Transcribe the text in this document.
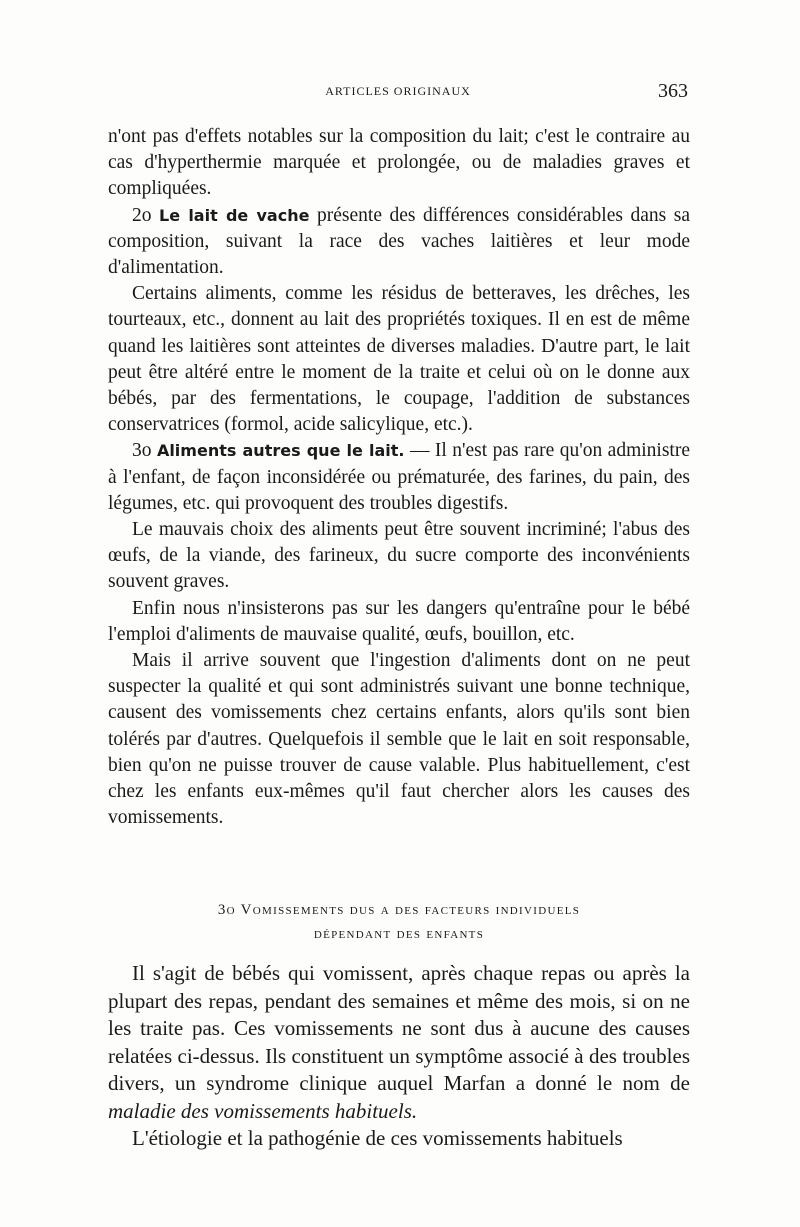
ARTICLES ORIGINAUX	363

n'ont pas d'effets notables sur la composition du lait; c'est le contraire au cas d'hyperthermie marquée et prolongée, ou de maladies graves et compliquées.

2o Le lait de vache présente des différences considérables dans sa composition, suivant la race des vaches laitières et leur mode d'alimentation.

Certains aliments, comme les résidus de betteraves, les drêches, les tourteaux, etc., donnent au lait des propriétés toxiques. Il en est de même quand les laitières sont atteintes de diverses maladies. D'autre part, le lait peut être altéré entre le moment de la traite et celui où on le donne aux bébés, par des fermentations, le coupage, l'addition de substances conservatrices (formol, acide salicylique, etc.).

3o Aliments autres que le lait. — Il n'est pas rare qu'on administre à l'enfant, de façon inconsidérée ou prématurée, des farines, du pain, des légumes, etc. qui provoquent des troubles digestifs.

Le mauvais choix des aliments peut être souvent incriminé; l'abus des œufs, de la viande, des farineux, du sucre comporte des inconvénients souvent graves.

Enfin nous n'insisterons pas sur les dangers qu'entraîne pour le bébé l'emploi d'aliments de mauvaise qualité, œufs, bouillon, etc.

Mais il arrive souvent que l'ingestion d'aliments dont on ne peut suspecter la qualité et qui sont administrés suivant une bonne technique, causent des vomissements chez certains enfants, alors qu'ils sont bien tolérés par d'autres. Quelquefois il semble que le lait en soit responsable, bien qu'on ne puisse trouver de cause valable. Plus habituellement, c'est chez les enfants eux-mêmes qu'il faut chercher alors les causes des vomissements.

3o Vomissements dus a des facteurs individuels
dépendant des enfants

Il s'agit de bébés qui vomissent, après chaque repas ou après la plupart des repas, pendant des semaines et même des mois, si on ne les traite pas. Ces vomissements ne sont dus à aucune des causes relatées ci-dessus. Ils constituent un symptôme associé à des troubles divers, un syndrome clinique auquel Marfan a donné le nom de maladie des vomissements habituels.

L'étiologie et la pathogénie de ces vomissements habituels
